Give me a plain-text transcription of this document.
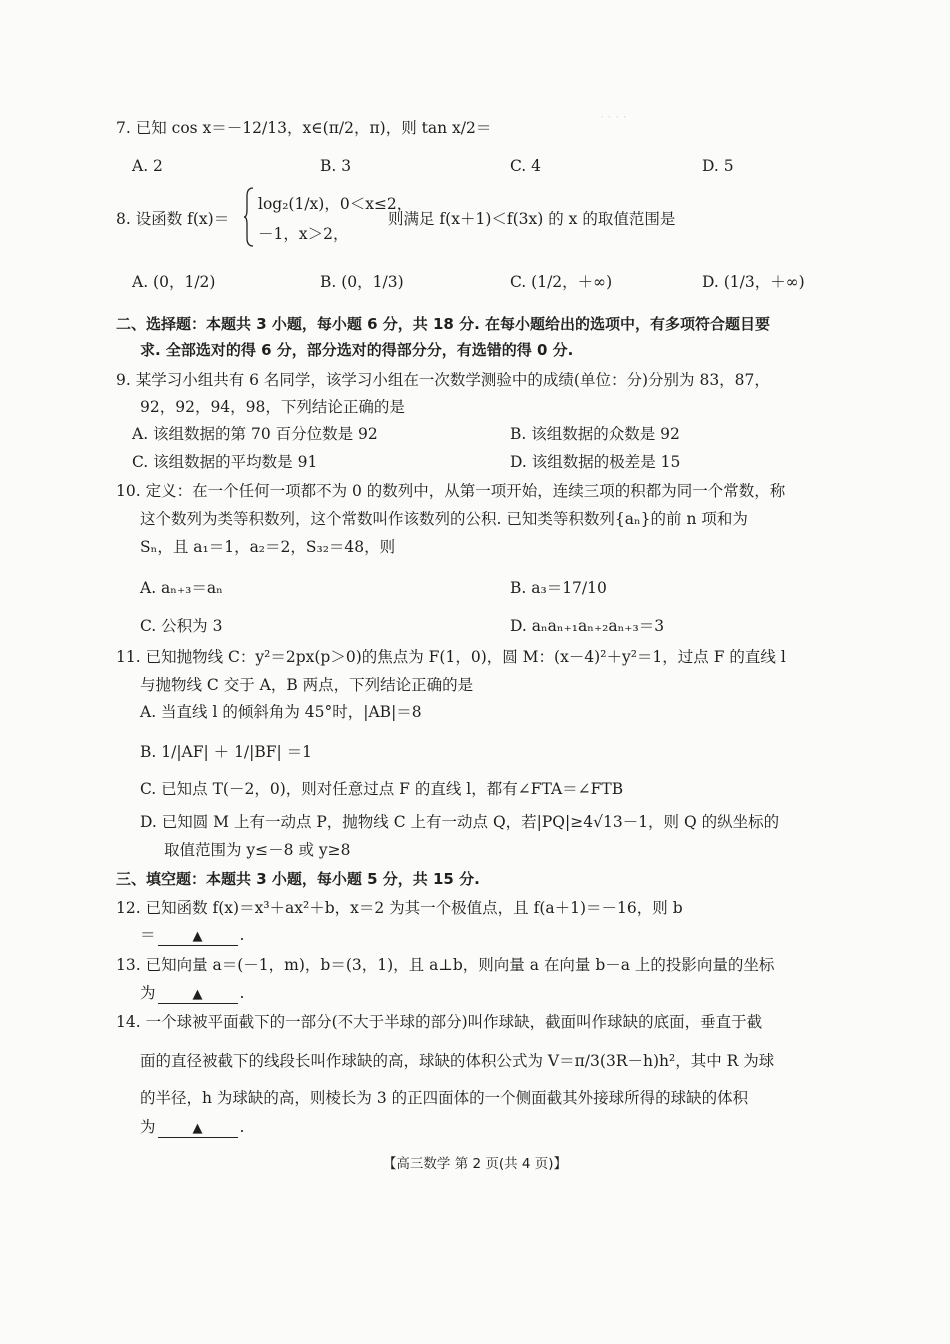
· · · ·
7. 已知 cos x＝－12/13，x∈(π/2，π)，则 tan x/2＝
A. 2	B. 3	C. 4	D. 5
8. 设函数 f(x)＝
log₂(1/x)，0＜x≤2，
－1，x＞2，
则满足 f(x＋1)＜f(3x) 的 x 的取值范围是
A. (0，1/2)	B. (0，1/3)	C. (1/2，＋∞)	D. (1/3，＋∞)
二、选择题：本题共 3 小题，每小题 6 分，共 18 分. 在每小题给出的选项中，有多项符合题目要
求. 全部选对的得 6 分，部分选对的得部分分，有选错的得 0 分.
9. 某学习小组共有 6 名同学，该学习小组在一次数学测验中的成绩(单位：分)分别为 83，87，
92，92，94，98，下列结论正确的是
A. 该组数据的第 70 百分位数是 92	B. 该组数据的众数是 92
C. 该组数据的平均数是 91	D. 该组数据的极差是 15
10. 定义：在一个任何一项都不为 0 的数列中，从第一项开始，连续三项的积都为同一个常数，称
这个数列为类等积数列，这个常数叫作该数列的公积. 已知类等积数列{aₙ}的前 n 项和为
Sₙ，且 a₁＝1，a₂＝2，S₃₂＝48，则
A. aₙ₊₃＝aₙ	B. a₃＝17/10
C. 公积为 3	D. aₙaₙ₊₁aₙ₊₂aₙ₊₃＝3
11. 已知抛物线 C：y²＝2px(p＞0)的焦点为 F(1，0)，圆 M：(x－4)²＋y²＝1，过点 F 的直线 l
与抛物线 C 交于 A，B 两点，下列结论正确的是
A. 当直线 l 的倾斜角为 45°时，|AB|＝8
B. 1/|AF| ＋ 1/|BF| ＝1
C. 已知点 T(－2，0)，则对任意过点 F 的直线 l，都有∠FTA＝∠FTB
D. 已知圆 M 上有一动点 P，抛物线 C 上有一动点 Q，若|PQ|≥4√13－1，则 Q 的纵坐标的
取值范围为 y≤－8 或 y≥8
三、填空题：本题共 3 小题，每小题 5 分，共 15 分.
12. 已知函数 f(x)＝x³＋ax²＋b，x＝2 为其一个极值点，且 f(a＋1)＝－16，则 b
＝	▲ .
13. 已知向量 a＝(－1，m)，b＝(3，1)，且 a⊥b，则向量 a 在向量 b－a 上的投影向量的坐标
为	▲ .
14. 一个球被平面截下的一部分(不大于半球的部分)叫作球缺，截面叫作球缺的底面，垂直于截
面的直径被截下的线段长叫作球缺的高，球缺的体积公式为 V＝π/3(3R－h)h²，其中 R 为球
的半径，h 为球缺的高，则棱长为 3 的正四面体的一个侧面截其外接球所得的球缺的体积
为	▲ .
【高三数学 第 2 页(共 4 页)】
